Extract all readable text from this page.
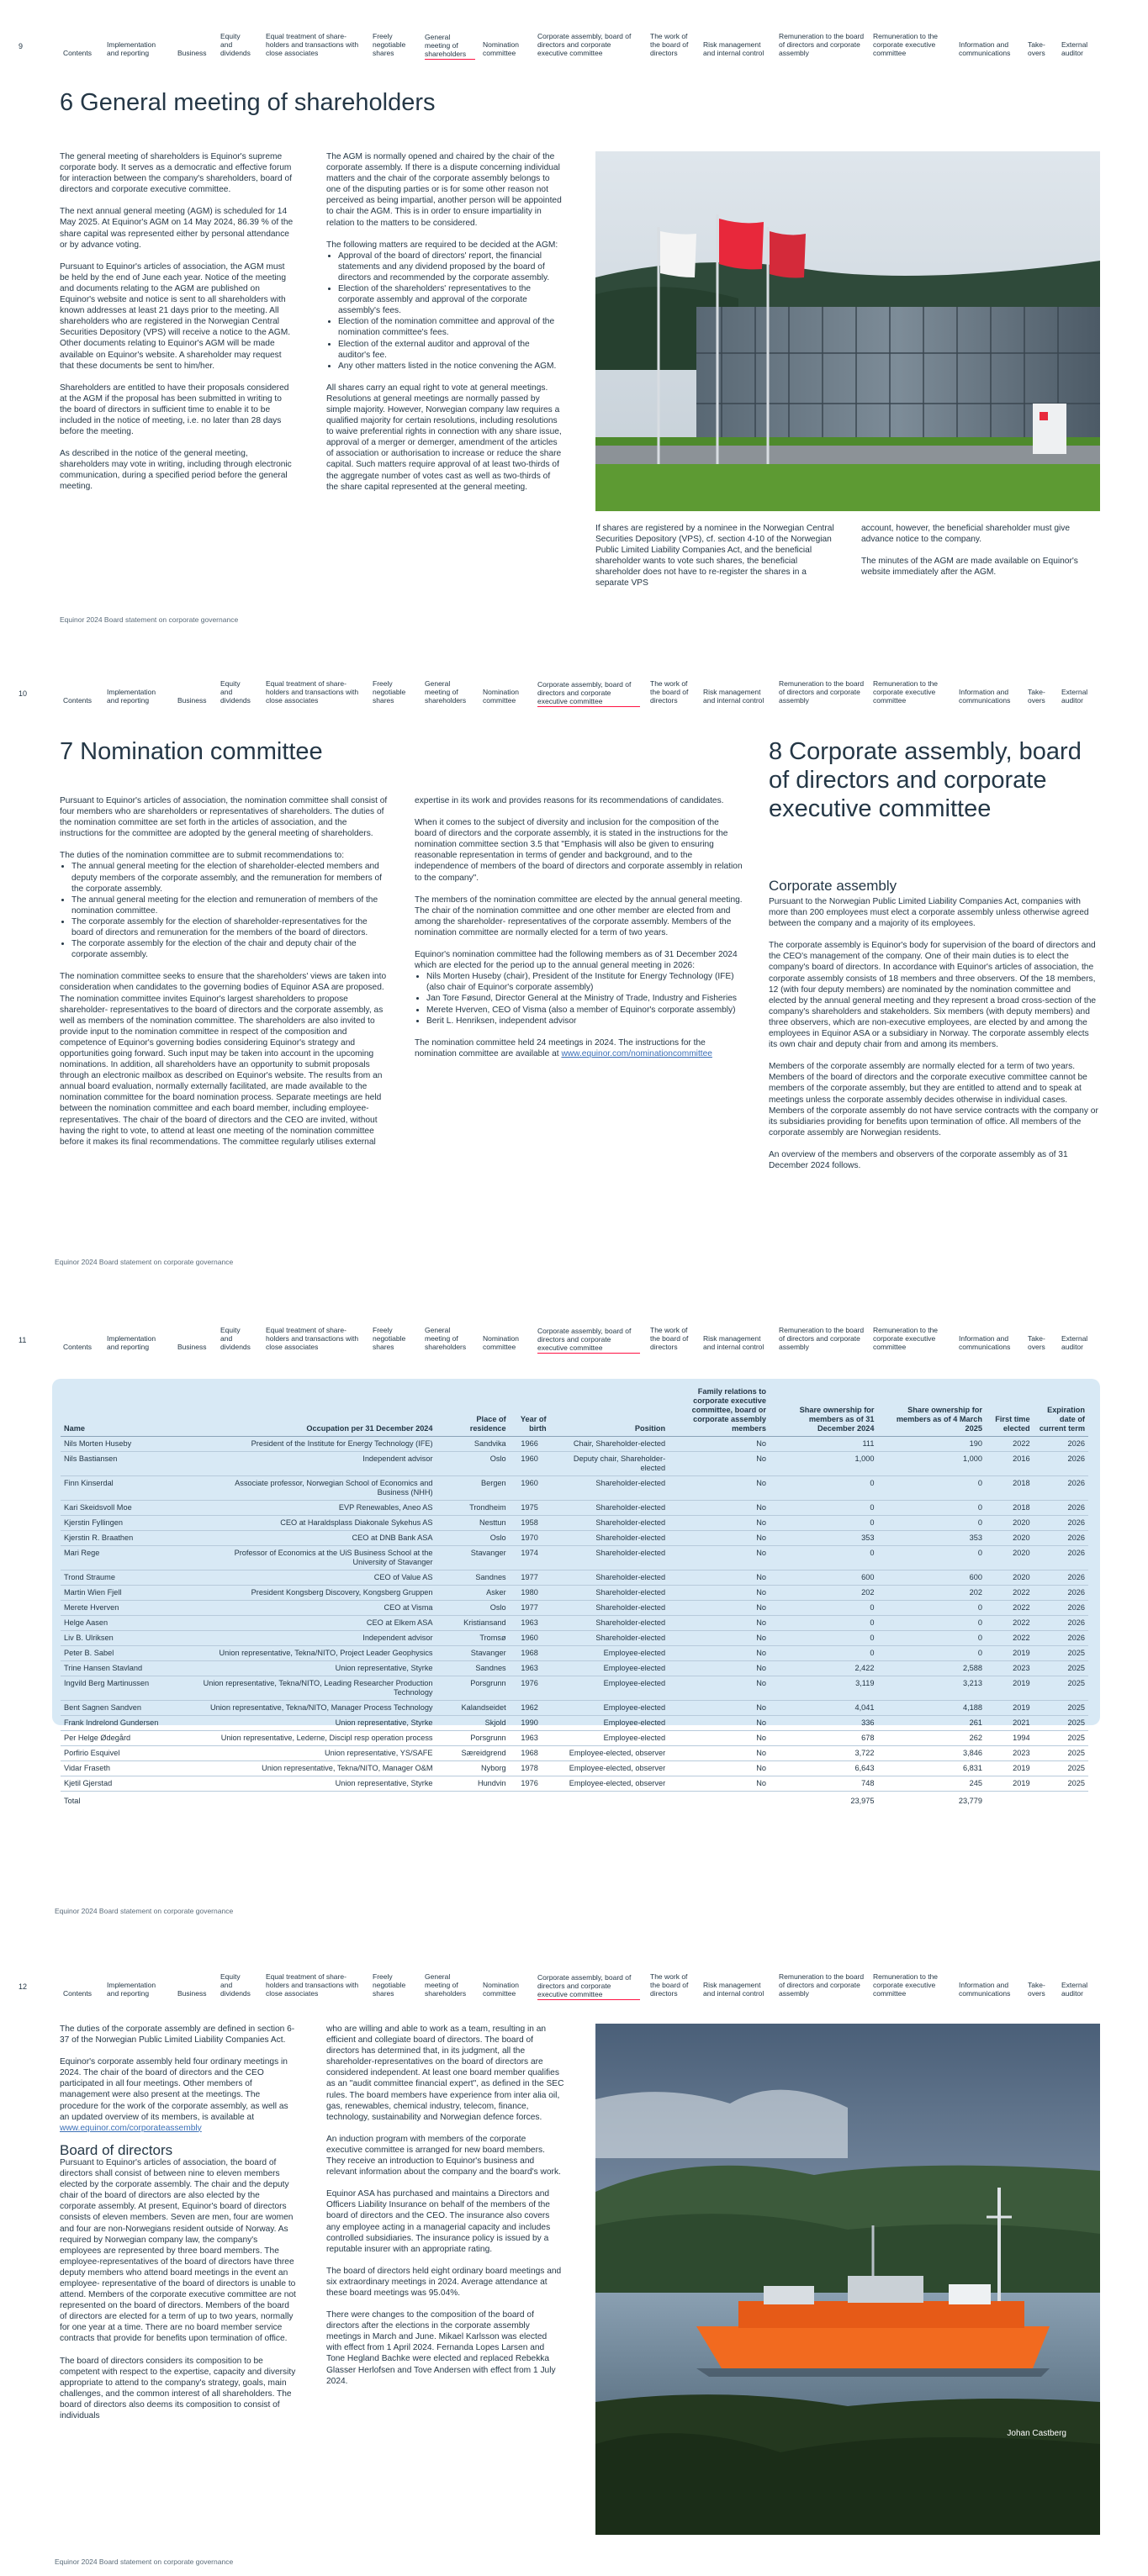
9
Contents
Implementation and reporting	Business
Equity and dividends
Equal treatment of share-holders and transactions with close associates
Freely negotiable shares
General meeting of shareholders
Nomination committee
Corporate assembly, board of directors and corporate executive committee
The work of the board of directors
Risk management and internal control
Remuneration to the board of directors and corporate assembly
Remuneration to the corporate executive committee
Information and communications
Take-overs
External auditor
6 General meeting of shareholders

The general meeting of shareholders is Equinor's supreme corporate body. It serves as a democratic and effective forum for interaction between the company's shareholders, board of directors and corporate executive committee.

The next annual general meeting (AGM) is scheduled for 14 May 2025. At Equinor's AGM on 14 May 2024, 86.39 % of the share capital was represented either by personal attendance or by advance voting.

Pursuant to Equinor's articles of association, the AGM must be held by the end of June each year. Notice of the meeting and documents relating to the AGM are published on Equinor's website and notice is sent to all shareholders with known addresses at least 21 days prior to the meeting. All shareholders who are registered in the Norwegian Central Securities Depository (VPS) will receive a notice to the AGM. Other documents relating to Equinor's AGM will be made available on Equinor's website. A shareholder may request that these documents be sent to him/her.

Shareholders are entitled to have their proposals considered at the AGM if the proposal has been submitted in writing to the board of directors in sufficient time to enable it to be included in the notice of meeting, i.e. no later than 28 days before the meeting.

As described in the notice of the general meeting, shareholders may vote in writing, including through electronic communication, during a specified period before the general meeting.

The AGM is normally opened and chaired by the chair of the corporate assembly. If there is a dispute concerning individual matters and the chair of the corporate assembly belongs to one of the disputing parties or is for some other reason not perceived as being impartial, another person will be appointed to chair the AGM. This is in order to ensure impartiality in relation to the matters to be considered.

The following matters are required to be decided at the AGM:

• Approval of the board of directors' report, the financial statements and any dividend proposed by the board of directors and recommended by the corporate assembly.
• Election of the shareholders' representatives to the corporate assembly and approval of the corporate assembly's fees.
• Election of the nomination committee and approval of the nomination committee's fees.
• Election of the external auditor and approval of the auditor's fee.
• Any other matters listed in the notice convening the AGM.

All shares carry an equal right to vote at general meetings. Resolutions at general meetings are normally passed by simple majority. However, Norwegian company law requires a qualified majority for certain resolutions, including resolutions to waive preferential rights in connection with any share issue, approval of a merger or demerger, amendment of the articles of association or authorisation to increase or reduce the share capital. Such matters require approval of at least two-thirds of the aggregate number of votes cast as well as two-thirds of the share capital represented at the general meeting.

If shares are registered by a nominee in the Norwegian Central Securities Depository (VPS), cf. section 4-10 of the Norwegian Public Limited Liability Companies Act, and the beneficial shareholder wants to vote such shares, the beneficial shareholder does not have to re-register the shares in a separate VPS

account, however, the beneficial shareholder must give advance notice to the company.

The minutes of the AGM are made available on Equinor's website immediately after the AGM.

Equinor 2024 Board statement on corporate governance
10
Contents
Implementation and reporting	Business
Equity and dividends
Equal treatment of share-holders and transactions with close associates
Freely negotiable shares
General meeting of shareholders
Nomination committee
Corporate assembly, board of directors and corporate executive committee
The work of the board of directors
Risk management and internal control
Remuneration to the board of directors and corporate assembly
Remuneration to the corporate executive committee
Information and communications
Take-overs
External auditor
7 Nomination committee

Pursuant to Equinor's articles of association, the nomination committee shall consist of four members who are shareholders or representatives of shareholders. The duties of the nomination committee are set forth in the articles of association, and the instructions for the committee are adopted by the general meeting of shareholders.

The duties of the nomination committee are to submit recommendations to:

• The annual general meeting for the election of shareholder-elected members and deputy members of the corporate assembly, and the remuneration for members of the corporate assembly.
• The annual general meeting for the election and remuneration of members of the nomination committee.
• The corporate assembly for the election of shareholder-representatives for the board of directors and remuneration for the members of the board of directors.
• The corporate assembly for the election of the chair and deputy chair of the corporate assembly.

The nomination committee seeks to ensure that the shareholders' views are taken into consideration when candidates to the governing bodies of Equinor ASA are proposed. The nomination committee invites Equinor's largest shareholders to propose shareholder- representatives to the board of directors and the corporate assembly, as well as members of the nomination committee. The shareholders are also invited to provide input to the nomination committee in respect of the composition and competence of Equinor's governing bodies considering Equinor's strategy and opportunities going forward. Such input may be taken into account in the upcoming nominations. In addition, all shareholders have an opportunity to submit proposals through an electronic mailbox as described on Equinor's website. The results from an annual board evaluation, normally externally facilitated, are made available to the nomination committee for the board nomination process. Separate meetings are held between the nomination committee and each board member, including employee-representatives. The chair of the board of directors and the CEO are invited, without having the right to vote, to attend at least one meeting of the nomination committee before it makes its final recommendations. The committee regularly utilises external

expertise in its work and provides reasons for its recommendations of candidates.

When it comes to the subject of diversity and inclusion for the composition of the board of directors and the corporate assembly, it is stated in the instructions for the nomination committee section 3.5 that "Emphasis will also be given to ensuring reasonable representation in terms of gender and background, and to the independence of members of the board of directors and corporate assembly in relation to the company".

The members of the nomination committee are elected by the annual general meeting. The chair of the nomination committee and one other member are elected from and among the shareholder- representatives of the corporate assembly. Members of the nomination committee are normally elected for a term of two years.

Equinor's nomination committee had the following members as of 31 December 2024 which are elected for the period up to the annual general meeting in 2026:

• Nils Morten Huseby (chair), President of the Institute for Energy Technology (IFE) (also chair of Equinor's corporate assembly)
• Jan Tore Føsund, Director General at the Ministry of Trade, Industry and Fisheries
• Merete Hverven, CEO of Visma (also a member of Equinor's corporate assembly)
• Berit L. Henriksen, independent advisor

The nomination committee held 24 meetings in 2024. The instructions for the nomination committee are available at www.equinor.com/nominationcommittee

8 Corporate assembly, board of directors and corporate executive committee
Corporate assembly

Pursuant to the Norwegian Public Limited Liability Companies Act, companies with more than 200 employees must elect a corporate assembly unless otherwise agreed between the company and a majority of its employees.

The corporate assembly is Equinor's body for supervision of the board of directors and the CEO's management of the company. One of their main duties is to elect the company's board of directors. In accordance with Equinor's articles of association, the corporate assembly consists of 18 members and three observers. Of the 18 members, 12 (with four deputy members) are nominated by the nomination committee and elected by the annual general meeting and they represent a broad cross-section of the company's shareholders and stakeholders. Six members (with deputy members) and three observers, which are non-executive employees, are elected by and among the employees in Equinor ASA or a subsidiary in Norway. The corporate assembly elects its own chair and deputy chair from and among its members.

Members of the corporate assembly are normally elected for a term of two years. Members of the board of directors and the corporate executive committee cannot be members of the corporate assembly, but they are entitled to attend and to speak at meetings unless the corporate assembly decides otherwise in individual cases. Members of the corporate assembly do not have service contracts with the company or its subsidiaries providing for benefits upon termination of office. All members of the corporate assembly are Norwegian residents.

An overview of the members and observers of the corporate assembly as of 31 December 2024 follows.

Equinor 2024 Board statement on corporate governance
11
Contents
Implementation and reporting	Business
Equity and dividends
Equal treatment of share-holders and transactions with close associates
Freely negotiable shares
General meeting of shareholders
Nomination committee
Corporate assembly, board of directors and corporate executive committee
The work of the board of directors
Risk management and internal control
Remuneration to the board of directors and corporate assembly
Remuneration to the corporate executive committee
Information and communications
Take-overs
External auditor
Name	Occupation per 31 December 2024	Place of residence	Year of birth	Position	Family relations to corporate executive committee, board or corporate assembly members	Share ownership for members as of 31 December 2024	Share ownership for members as of 4 March 2025	First time elected	Expiration date of current term
Nils Morten Huseby	President of the Institute for Energy Technology (IFE)	Sandvika	1966	Chair, Shareholder-elected	No	111	190	2022	2026
Nils Bastiansen	Independent advisor	Oslo	1960	Deputy chair, Shareholder-elected	No	1,000	1,000	2016	2026
Finn Kinserdal	Associate professor, Norwegian School of Economics and Business (NHH)	Bergen	1960	Shareholder-elected	No	0	0	2018	2026
Kari Skeidsvoll Moe	EVP Renewables, Aneo AS	Trondheim	1975	Shareholder-elected	No	0	0	2018	2026
Kjerstin Fyllingen	CEO at Haraldsplass Diakonale Sykehus AS	Nesttun	1958	Shareholder-elected	No	0	0	2020	2026
Kjerstin R. Braathen	CEO at DNB Bank ASA	Oslo	1970	Shareholder-elected	No	353	353	2020	2026
Mari Rege	Professor of Economics at the UiS Business School at the University of Stavanger	Stavanger	1974	Shareholder-elected	No	0	0	2020	2026
Trond Straume	CEO of Value AS	Sandnes	1977	Shareholder-elected	No	600	600	2020	2026
Martin Wien Fjell	President Kongsberg Discovery, Kongsberg Gruppen	Asker	1980	Shareholder-elected	No	202	202	2022	2026
Merete Hverven	CEO at Visma	Oslo	1977	Shareholder-elected	No	0	0	2022	2026
Helge Aasen	CEO at Elkem ASA	Kristiansand	1963	Shareholder-elected	No	0	0	2022	2026
Liv B. Ulriksen	Independent advisor	Tromsø	1960	Shareholder-elected	No	0	0	2022	2026
Peter B. Sabel	Union representative, Tekna/NITO, Project Leader Geophysics	Stavanger	1968	Employee-elected	No	0	0	2019	2025
Trine Hansen Stavland	Union representative, Styrke	Sandnes	1963	Employee-elected	No	2,422	2,588	2023	2025
Ingvild Berg Martinussen	Union representative, Tekna/NITO, Leading Researcher Production Technology	Porsgrunn	1976	Employee-elected	No	3,119	3,213	2019	2025
Bent Sagnen Sandven	Union representative, Tekna/NITO, Manager Process Technology	Kalandseidet	1962	Employee-elected	No	4,041	4,188	2019	2025
Frank Indrelond Gundersen	Union representative, Styrke	Skjold	1990	Employee-elected	No	336	261	2021	2025
Per Helge Ødegård	Union representative, Lederne, Discipl resp operation process	Porsgrunn	1963	Employee-elected	No	678	262	1994	2025
Porfirio Esquivel	Union representative, YS/SAFE	Særeidgrend	1968	Employee-elected, observer	No	3,722	3,846	2023	2025
Vidar Fraseth	Union representative, Tekna/NITO, Manager O&M	Nyborg	1978	Employee-elected, observer	No	6,643	6,831	2019	2025
Kjetil Gjerstad	Union representative, Styrke	Hundvin	1976	Employee-elected, observer	No	748	245	2019	2025
Total						23,975	23,779		
Equinor 2024 Board statement on corporate governance
12
Contents
Implementation and reporting	Business
Equity and dividends
Equal treatment of share-holders and transactions with close associates
Freely negotiable shares
General meeting of shareholders
Nomination committee
Corporate assembly, board of directors and corporate executive committee
The work of the board of directors
Risk management and internal control
Remuneration to the board of directors and corporate assembly
Remuneration to the corporate executive committee
Information and communications
Take-overs
External auditor

The duties of the corporate assembly are defined in section 6-37 of the Norwegian Public Limited Liability Companies Act.

Equinor's corporate assembly held four ordinary meetings in 2024. The chair of the board of directors and the CEO participated in all four meetings. Other members of management were also present at the meetings. The procedure for the work of the corporate assembly, as well as an updated overview of its members, is available at www.equinor.com/corporateassembly

Board of directors

Pursuant to Equinor's articles of association, the board of directors shall consist of between nine to eleven members elected by the corporate assembly. The chair and the deputy chair of the board of directors are also elected by the corporate assembly. At present, Equinor's board of directors consists of eleven members. Seven are men, four are women and four are non-Norwegians resident outside of Norway. As required by Norwegian company law, the company's employees are represented by three board members. The employee-representatives of the board of directors have three deputy members who attend board meetings in the event an employee- representative of the board of directors is unable to attend. Members of the corporate executive committee are not represented on the board of directors. Members of the board of directors are elected for a term of up to two years, normally for one year at a time. There are no board member service contracts that provide for benefits upon termination of office.

The board of directors considers its composition to be competent with respect to the expertise, capacity and diversity appropriate to attend to the company's strategy, goals, main challenges, and the common interest of all shareholders. The board of directors also deems its composition to consist of individuals

who are willing and able to work as a team, resulting in an efficient and collegiate board of directors. The board of directors has determined that, in its judgment, all the shareholder-representatives on the board of directors are considered independent. At least one board member qualifies as an "audit committee financial expert", as defined in the SEC rules. The board members have experience from inter alia oil, gas, renewables, chemical industry, telecom, finance, technology, sustainability and Norwegian defence forces.

An induction program with members of the corporate executive committee is arranged for new board members. They receive an introduction to Equinor's business and relevant information about the company and the board's work.

Equinor ASA has purchased and maintains a Directors and Officers Liability Insurance on behalf of the members of the board of directors and the CEO. The insurance also covers any employee acting in a managerial capacity and includes controlled subsidiaries. The insurance policy is issued by a reputable insurer with an appropriate rating.

The board of directors held eight ordinary board meetings and six extraordinary meetings in 2024. Average attendance at these board meetings was 95.04%.

There were changes to the composition of the board of directors after the elections in the corporate assembly meetings in March and June. Mikael Karlsson was elected with effect from 1 April 2024. Fernanda Lopes Larsen and Tone Hegland Bachke were elected and replaced Rebekka Glasser Herlofsen and Tove Andersen with effect from 1 July 2024.

Johan Castberg
Equinor 2024 Board statement on corporate governance
